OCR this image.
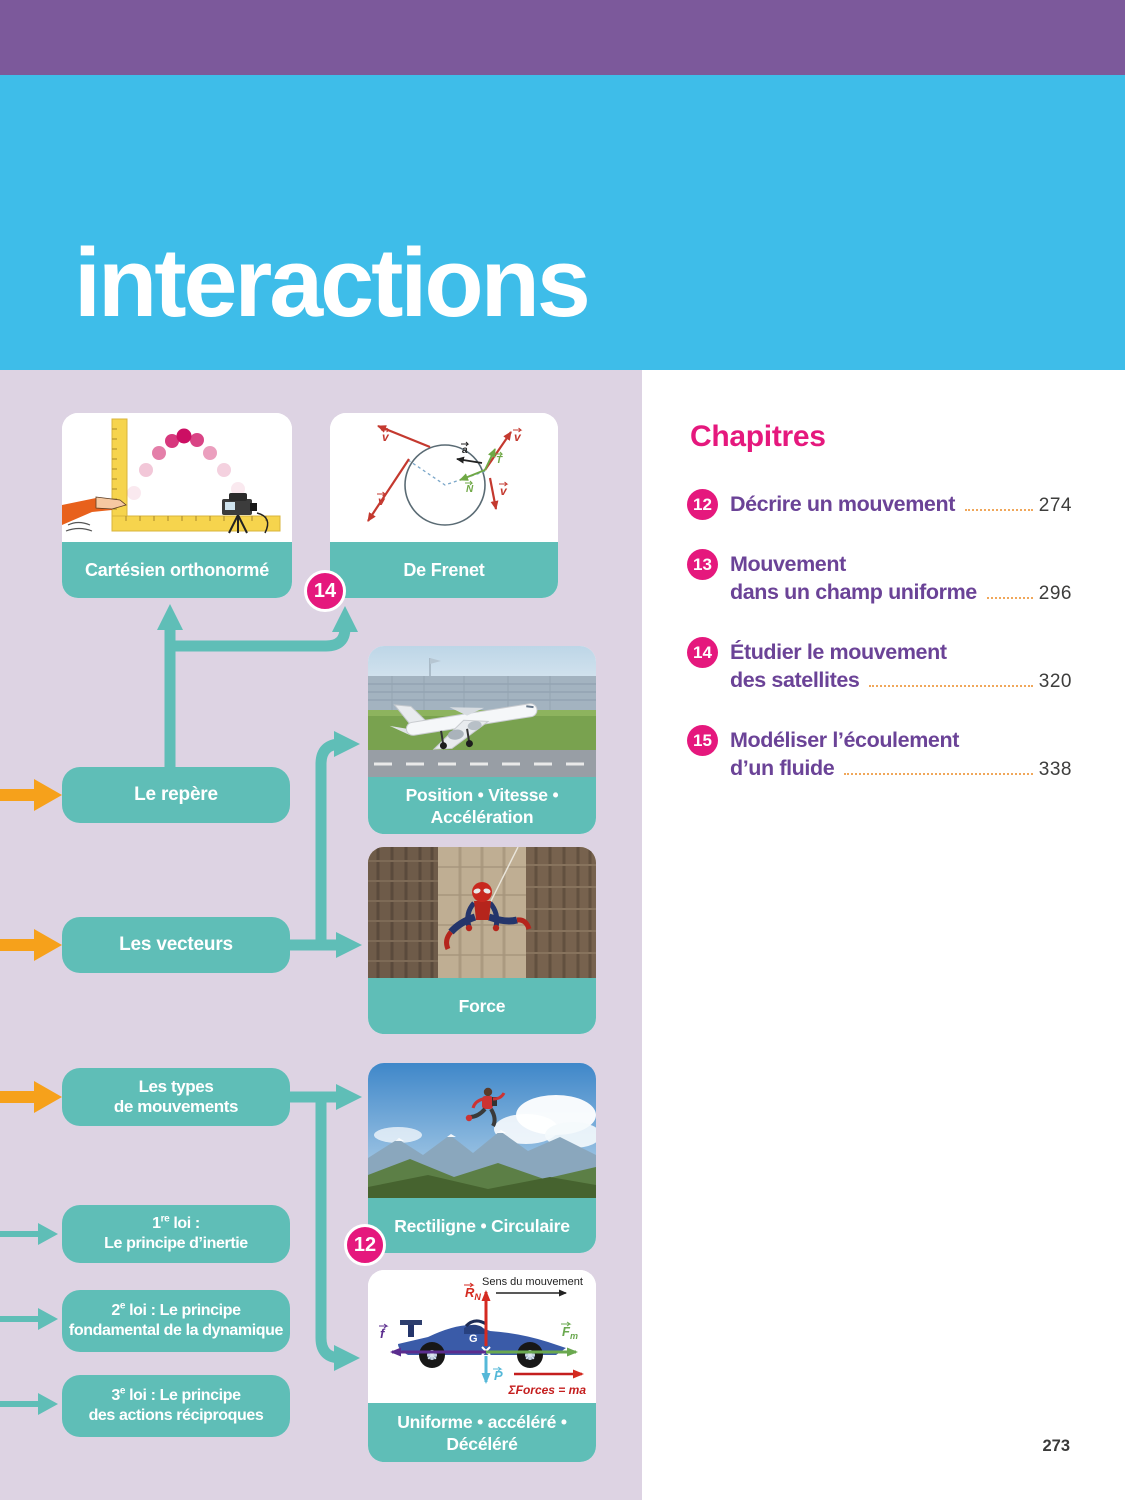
interactions
Cartésien orthonormé
v	v
v
v
T
N
a
De Frenet
Position • Vitesse •
Accélération
Force
Rectiligne • Circulaire
Sens du mouvement
G
$R_N$
f	$F_m$
P
ΣForces = ma
Uniforme • accéléré •
Décéléré
Le repère
Les vecteurs
Les types
de mouvements
1re loi :
Le principe d’inertie
2e loi : Le principe
fondamental de la dynamique
3e loi : Le principe
des actions réciproques
14
12
Chapitres
12 Décrire un mouvement	274
13 Mouvement
dans un champ uniforme	296
14 Étudier le mouvement
des satellites	320
15 Modéliser l’écoulement
d’un fluide	338
273
